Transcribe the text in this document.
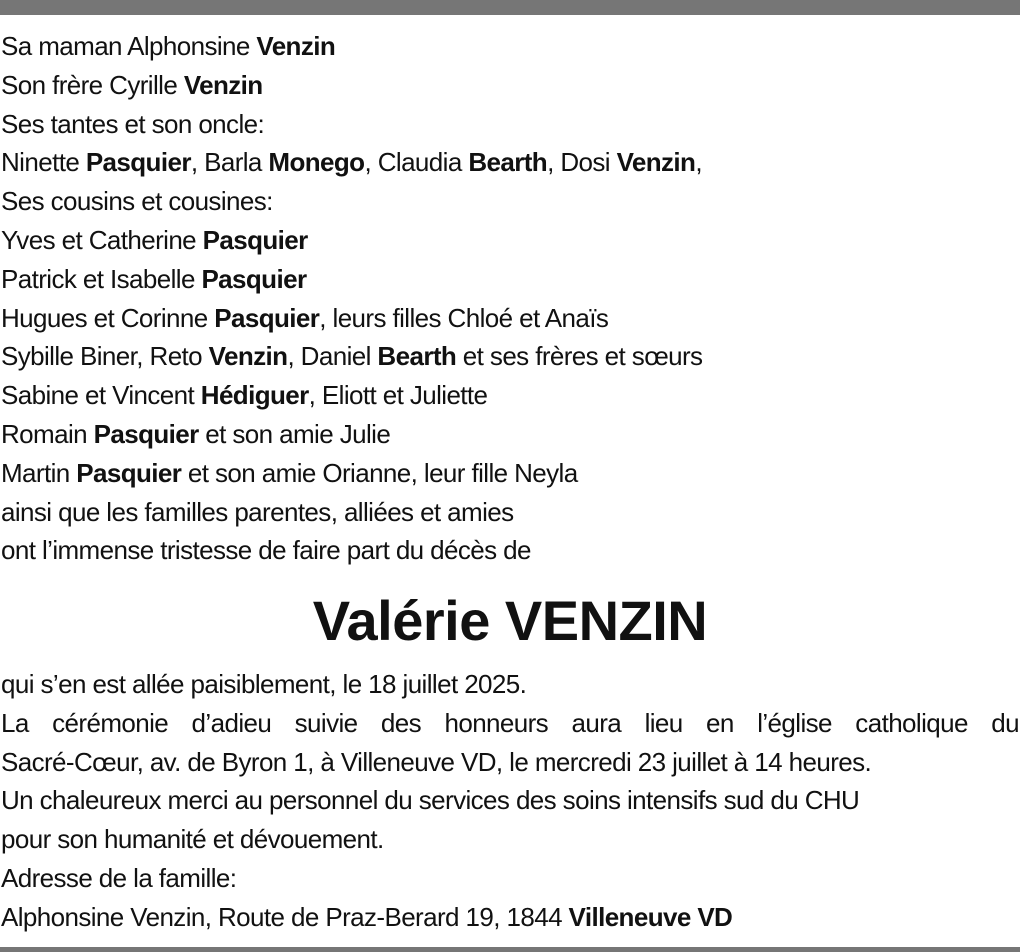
Sa maman Alphonsine Venzin
Son frère Cyrille Venzin
Ses tantes et son oncle:
Ninette Pasquier, Barla Monego, Claudia Bearth, Dosi Venzin,
Ses cousins et cousines:
Yves et Catherine Pasquier
Patrick et Isabelle Pasquier
Hugues et Corinne Pasquier, leurs filles Chloé et Anaïs
Sybille Biner, Reto Venzin, Daniel Bearth et ses frères et sœurs
Sabine et Vincent Hédiguer, Eliott et Juliette
Romain Pasquier et son amie Julie
Martin Pasquier et son amie Orianne, leur fille Neyla
ainsi que les familles parentes, alliées et amies
ont l’immense tristesse de faire part du décès de
Valérie VENZIN
qui s’en est allée paisiblement, le 18 juillet 2025.
La cérémonie d’adieu suivie des honneurs aura lieu en l’église catholique du
Sacré-Cœur, av. de Byron 1, à Villeneuve VD, le mercredi 23 juillet à 14 heures.
Un chaleureux merci au personnel du services des soins intensifs sud du CHU
pour son humanité et dévouement.
Adresse de la famille:
Alphonsine Venzin, Route de Praz-Berard 19, 1844 Villeneuve VD
